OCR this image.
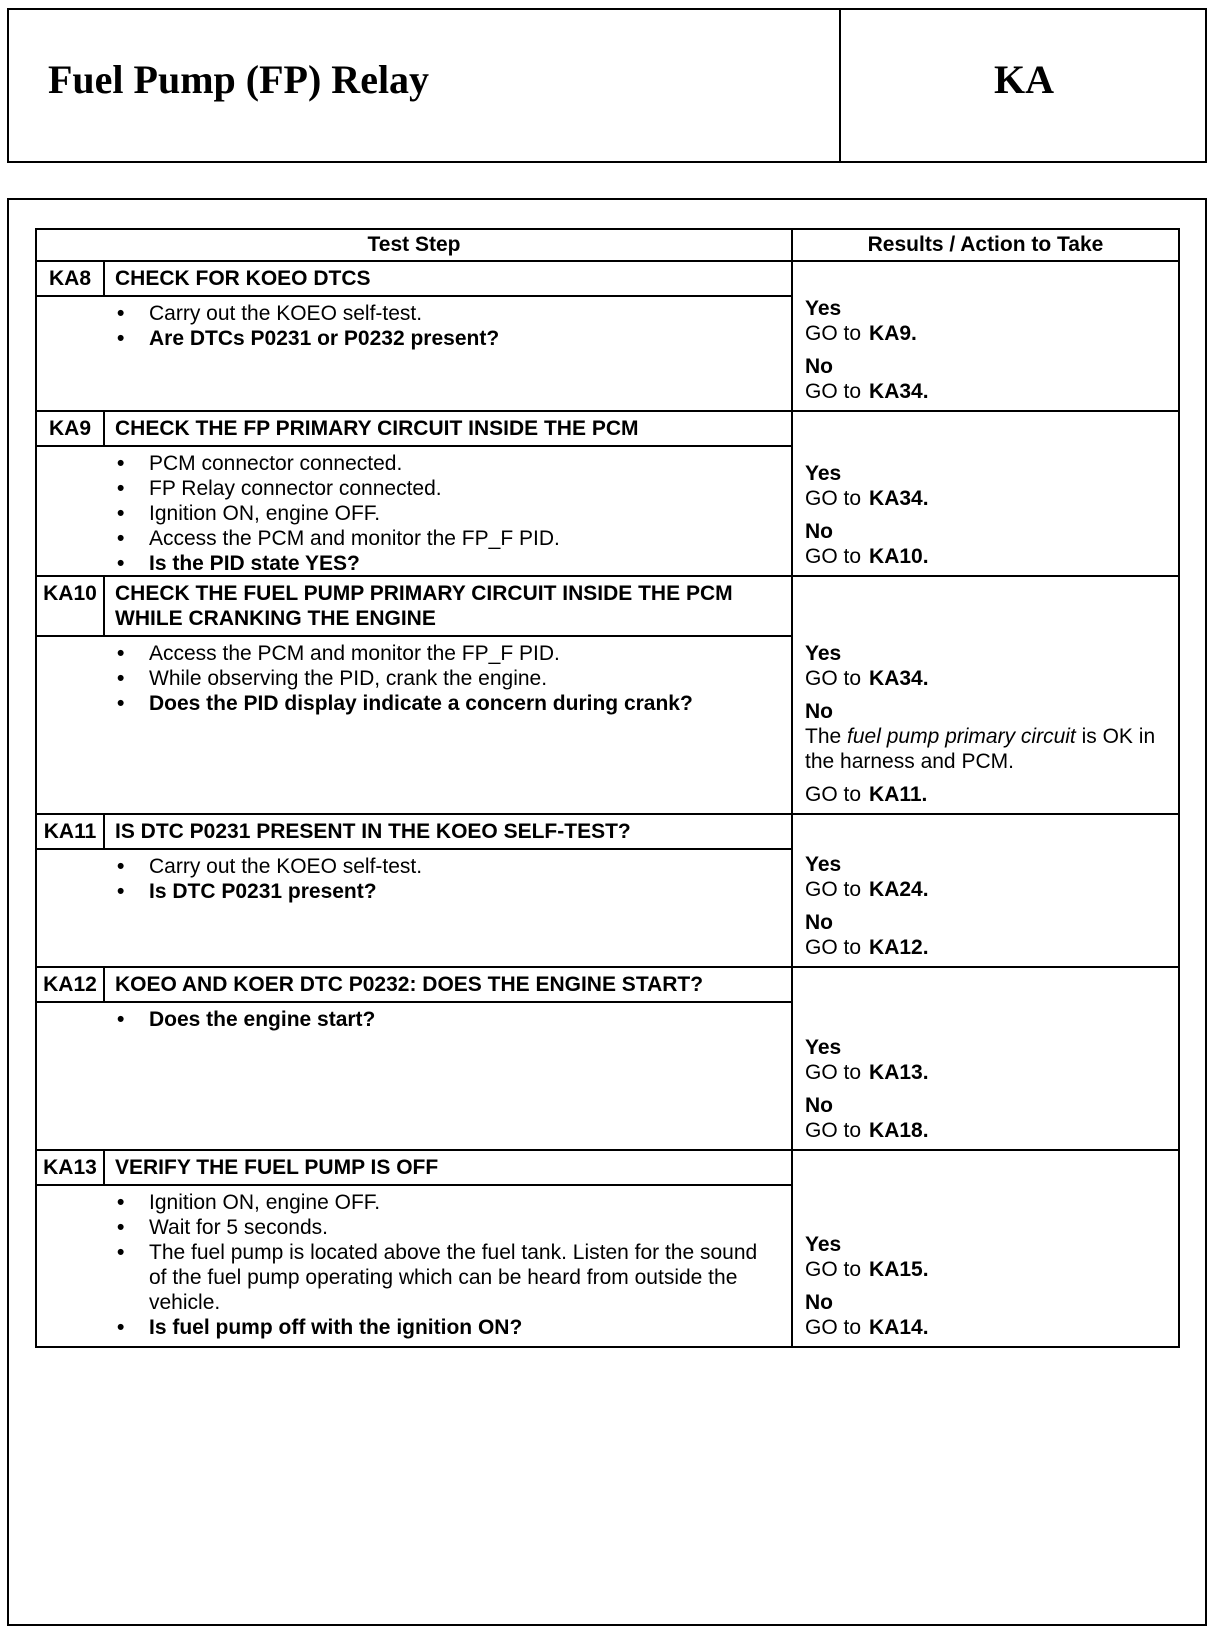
Fuel Pump (FP) Relay	KA
Test Step	Results / Action to Take
KA8	CHECK FOR KOEO DTCS
• Carry out the KOEO self-test.
• Are DTCs P0231 or P0232 present?
Yes
GO to KA9.
No
GO to KA34.
KA9	CHECK THE FP PRIMARY CIRCUIT INSIDE THE PCM
• PCM connector connected.
• FP Relay connector connected.
• Ignition ON, engine OFF.
• Access the PCM and monitor the FP_F PID.
• Is the PID state YES?
Yes
GO to KA34.
No
GO to KA10.
KA10 CHECK THE FUEL PUMP PRIMARY CIRCUIT INSIDE THE PCM WHILE CRANKING THE ENGINE
• Access the PCM and monitor the FP_F PID.
• While observing the PID, crank the engine.
• Does the PID display indicate a concern during crank?
Yes
GO to KA34.
No
The fuel pump primary circuit is OK in the harness and PCM.
GO to KA11.
KA11 IS DTC P0231 PRESENT IN THE KOEO SELF-TEST?
• Carry out the KOEO self-test.
• Is DTC P0231 present?
Yes
GO to KA24.
No
GO to KA12.
KA12 KOEO AND KOER DTC P0232: DOES THE ENGINE START?
• Does the engine start?
Yes
GO to KA13.
No
GO to KA18.
KA13 VERIFY THE FUEL PUMP IS OFF
• Ignition ON, engine OFF.
• Wait for 5 seconds.
• The fuel pump is located above the fuel tank. Listen for the sound of the fuel pump operating which can be heard from outside the vehicle.
• Is fuel pump off with the ignition ON?
Yes
GO to KA15.
No
GO to KA14.
